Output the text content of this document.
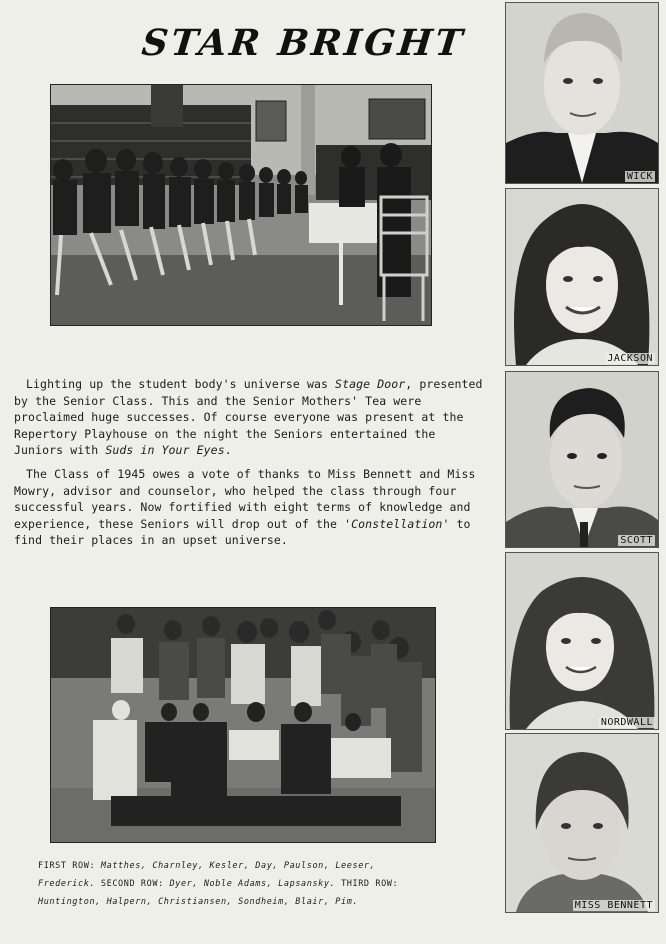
STAR BRIGHT

Lighting up the student body's universe was Stage Door, presented by the Senior Class. This and the Senior Mothers' Tea were proclaimed huge successes. Of course everyone was present at the Repertory Playhouse on the night the Seniors entertained the Juniors with Suds in Your Eyes.

The Class of 1945 owes a vote of thanks to Miss Bennett and Miss Mowry, advisor and counselor, who helped the class through four successful years. Now fortified with eight terms of knowledge and experience, these Seniors will drop out of the 'Constellation' to find their places in an upset universe.

FIRST ROW: Matthes, Charnley, Kesler, Day, Paulson, Leeser, Frederick. SECOND ROW: Dyer, Noble Adams, Lapsansky. THIRD ROW: Huntington, Halpern, Christiansen, Sondheim, Blair, Pim.

WICK
JACKSON
SCOTT
NORDWALL
MISS BENNETT
